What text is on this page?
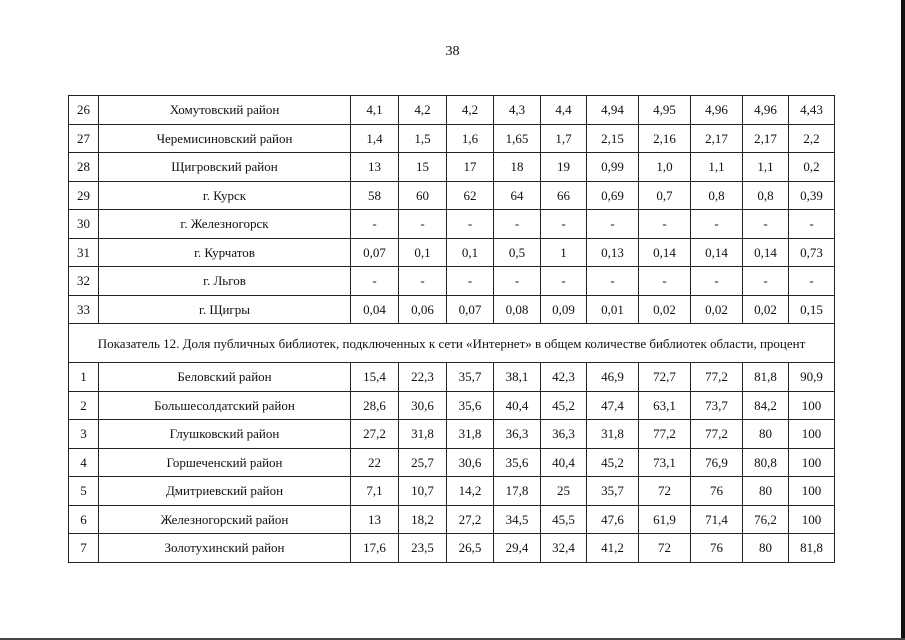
38
26	Хомутовский район	4,1	4,2	4,2	4,3	4,4	4,94	4,95	4,96	4,96	4,43
27	Черемисиновский район	1,4	1,5	1,6	1,65	1,7	2,15	2,16	2,17	2,17	2,2
28	Щигровский район	13	15	17	18	19	0,99	1,0	1,1	1,1	0,2
29	г. Курск	58	60	62	64	66	0,69	0,7	0,8	0,8	0,39
30	г. Железногорск	-	-	-	-	-	-	-	-	-	-
31	г. Курчатов	0,07	0,1	0,1	0,5	1	0,13	0,14	0,14	0,14	0,73
32	г. Льгов	-	-	-	-	-	-	-	-	-	-
33	г. Щигры	0,04	0,06	0,07	0,08	0,09	0,01	0,02	0,02	0,02	0,15
Показатель 12. Доля публичных библиотек, подключенных к сети «Интернет» в общем количестве библиотек области, процент											
1	Беловский район	15,4	22,3	35,7	38,1	42,3	46,9	72,7	77,2	81,8	90,9
2	Большесолдатский район	28,6	30,6	35,6	40,4	45,2	47,4	63,1	73,7	84,2	100
3	Глушковский район	27,2	31,8	31,8	36,3	36,3	31,8	77,2	77,2	80	100
4	Горшеченский район	22	25,7	30,6	35,6	40,4	45,2	73,1	76,9	80,8	100
5	Дмитриевский район	7,1	10,7	14,2	17,8	25	35,7	72	76	80	100
6	Железногорский район	13	18,2	27,2	34,5	45,5	47,6	61,9	71,4	76,2	100
7	Золотухинский район	17,6	23,5	26,5	29,4	32,4	41,2	72	76	80	81,8
